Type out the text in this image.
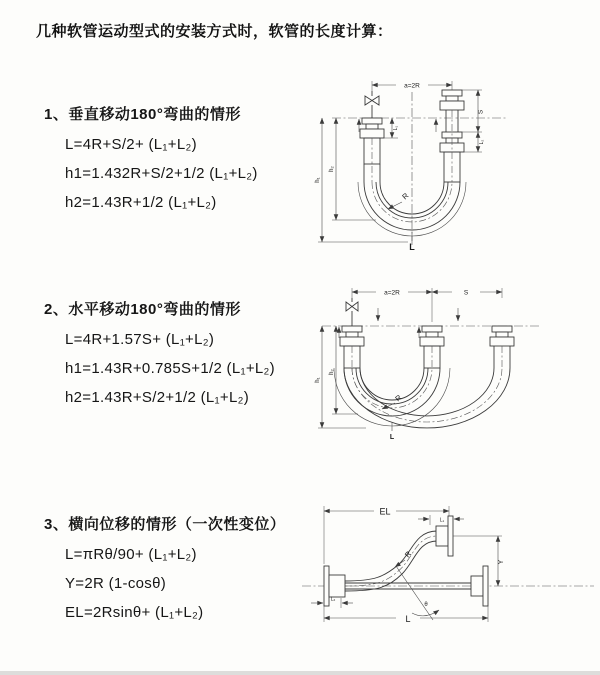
几种软管运动型式的安装方式时，软管的长度计算：

1、垂直移动180°弯曲的情形

L=4R+S/2+ (L₁+L₂)

h1=1.432R+S/2+1/2 (L₁+L₂)

h2=1.43R+1/2 (L₁+L₂)

2、水平移动180°弯曲的情形

L=4R+1.57S+ (L₁+L₂)

h1=1.43R+0.785S+1/2 (L₁+L₂)

h2=1.43R+S/2+1/2 (L₁+L₂)

3、横向位移的情形（一次性变位）

L=πRθ/90+ (L₁+L₂)

Y=2R (1-cosθ)

EL=2Rsinθ+ (L₁+L₂)

a=2R
L
h₁
h₂
S
L₂
L₁
R
a=2R	S
L
h₁
h₂
R
EL
L₁
Y
L
L₂
θ
R
